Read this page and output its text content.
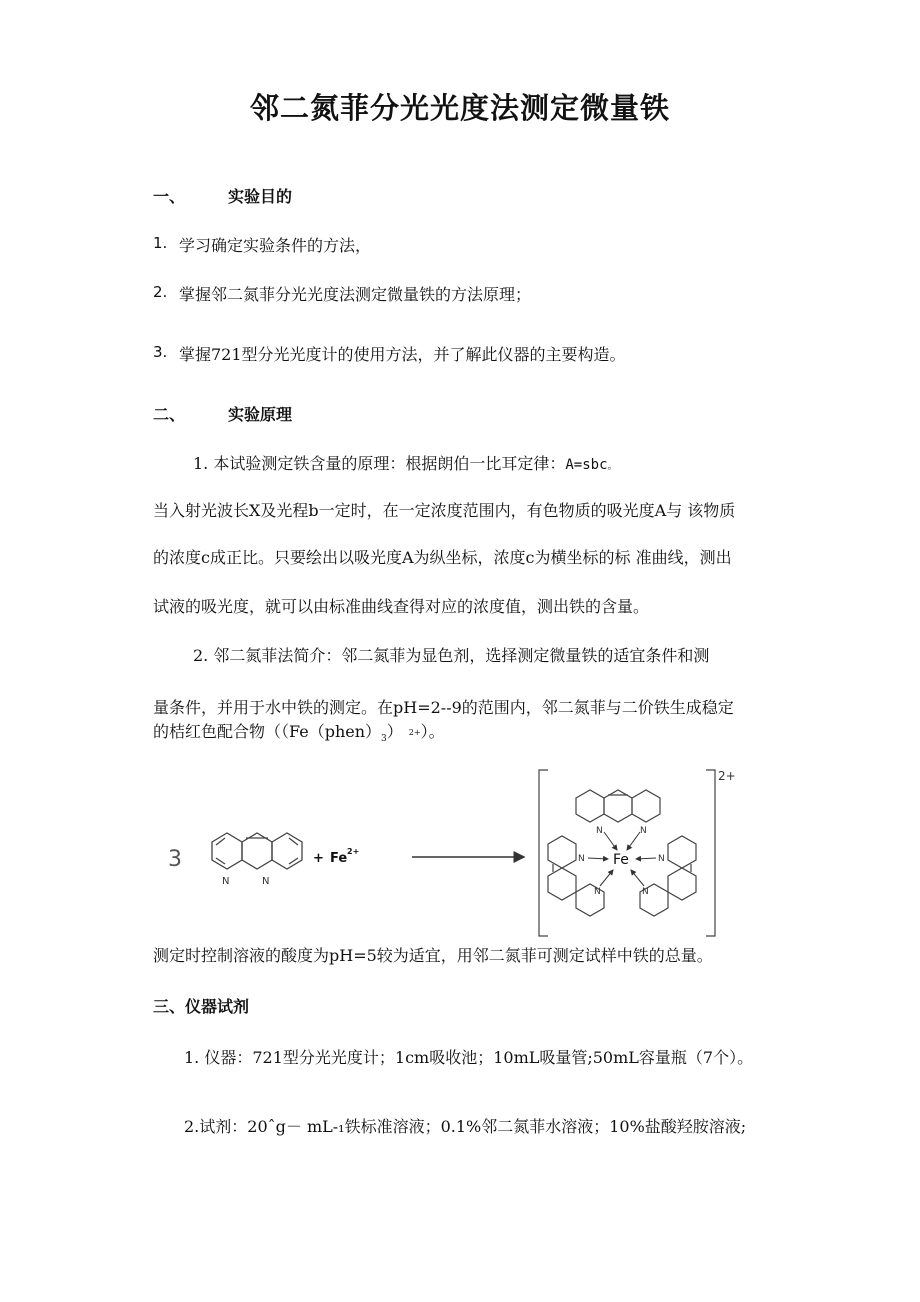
邻二氮菲分光光度法测定微量铁
一、	实验目的
1. 学习确定实验条件的方法，
2. 掌握邻二氮菲分光光度法测定微量铁的方法原理；
3. 掌握721型分光光度计的使用方法，并了解此仪器的主要构造。
二、	实验原理
1. 本试验测定铁含量的原理：根据朗伯一比耳定律：A=sbc。
当入射光波长X及光程b一定时，在一定浓度范围内，有色物质的吸光度A与 该物质
的浓度c成正比。只要绘出以吸光度A为纵坐标，浓度c为横坐标的标 准曲线，测出
试液的吸光度，就可以由标准曲线查得对应的浓度值，测出铁的含量。
2. 邻二氮菲法简介：邻二氮菲为显色剂，选择测定微量铁的适宜条件和测
量条件，并用于水中铁的测定。在pH=2--9的范围内，邻二氮菲与二价铁生成稳定
的桔红色配合物（$(Fe(phen)_3)$ 2+）。
3
N	N
+ Fe 2+
2+
Fe
N	N
N	N
N	N
测定时控制溶液的酸度为pH=5较为适宜，用邻二氮菲可测定试样中铁的总量。
三、仪器试剂
1. 仪器：721型分光光度计；1cm吸收池；10mL吸量管;50mL容量瓶（7个）。
2.试剂：20ˆg－ mL-₁铁标准溶液；0.1%邻二氮菲水溶液；10%盐酸羟胺溶液;
